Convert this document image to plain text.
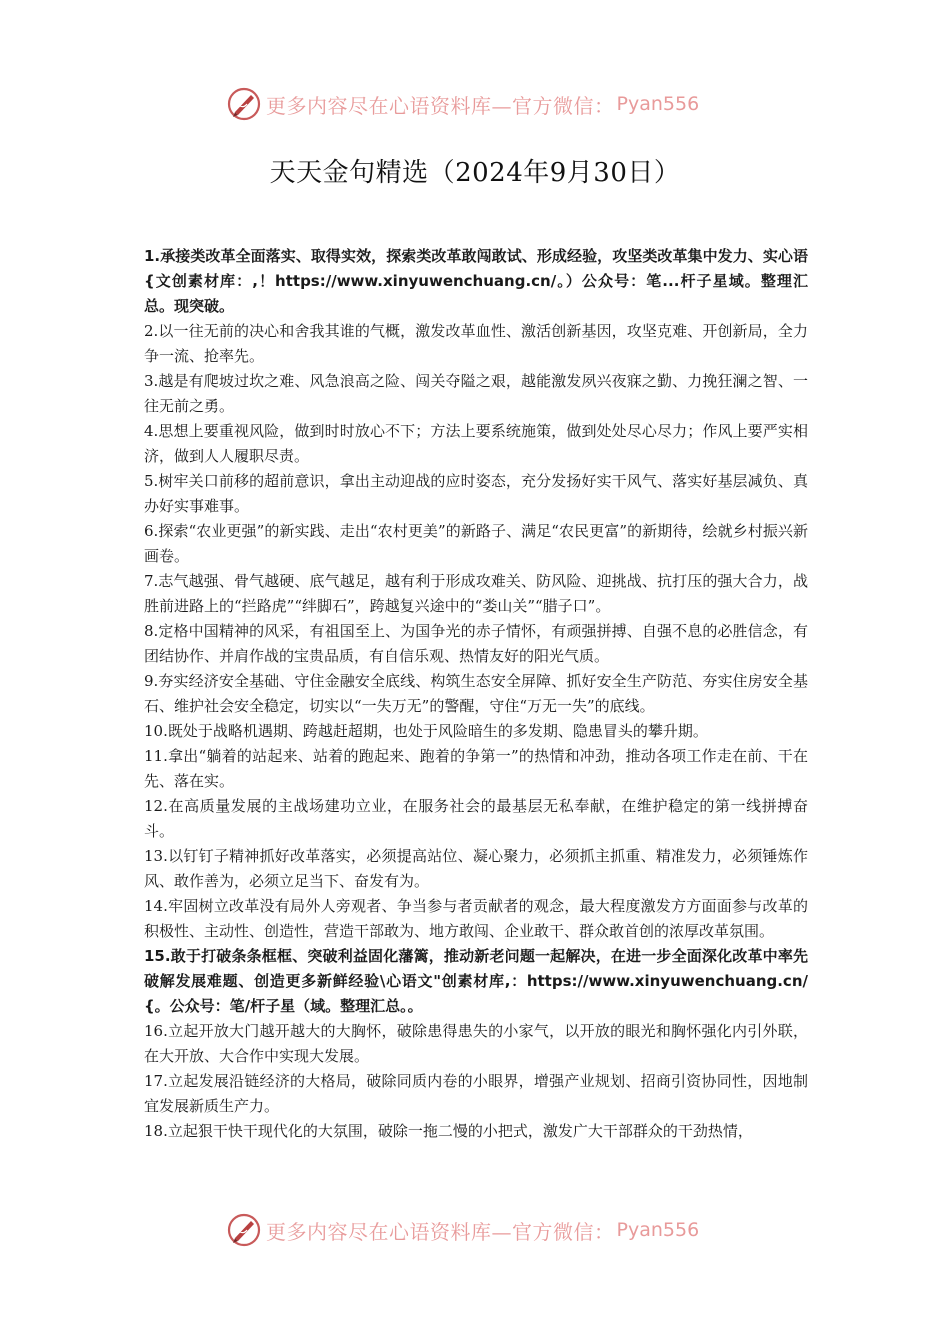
更多内容尽在心语资料库—官方微信： Pyan556
天天金句精选（2024年9月30日）

1.承接类改革全面落实、取得实效，探索类改革敢闯敢试、形成经验，攻坚类改革集中发力、实心语{文创素材库：,！https://www.xinyuwenchuang.cn/。）公众号：笔...杆子星域。整理汇总。现突破。

2.以一往无前的决心和舍我其谁的气概，激发改革血性、激活创新基因，攻坚克难、开创新局，全力争一流、抢率先。

3.越是有爬坡过坎之难、风急浪高之险、闯关夺隘之艰，越能激发夙兴夜寐之勤、力挽狂澜之智、一往无前之勇。

4.思想上要重视风险，做到时时放心不下；方法上要系统施策，做到处处尽心尽力；作风上要严实相济，做到人人履职尽责。

5.树牢关口前移的超前意识，拿出主动迎战的应时姿态，充分发扬好实干风气、落实好基层减负、真办好实事难事。

6.探索“农业更强”的新实践、走出“农村更美”的新路子、满足“农民更富”的新期待，绘就乡村振兴新画卷。

7.志气越强、骨气越硬、底气越足，越有利于形成攻难关、防风险、迎挑战、抗打压的强大合力，战胜前进路上的“拦路虎”“绊脚石”，跨越复兴途中的“娄山关”“腊子口”。

8.定格中国精神的风采，有祖国至上、为国争光的赤子情怀，有顽强拼搏、自强不息的必胜信念，有团结协作、并肩作战的宝贵品质，有自信乐观、热情友好的阳光气质。

9.夯实经济安全基础、守住金融安全底线、构筑生态安全屏障、抓好安全生产防范、夯实住房安全基石、维护社会安全稳定，切实以“一失万无”的警醒，守住“万无一失”的底线。

10.既处于战略机遇期、跨越赶超期，也处于风险暗生的多发期、隐患冒头的攀升期。

11.拿出“躺着的站起来、站着的跑起来、跑着的争第一”的热情和冲劲，推动各项工作走在前、干在先、落在实。

12.在高质量发展的主战场建功立业，在服务社会的最基层无私奉献，在维护稳定的第一线拼搏奋斗。

13.以钉钉子精神抓好改革落实，必须提高站位、凝心聚力，必须抓主抓重、精准发力，必须锤炼作风、敢作善为，必须立足当下、奋发有为。

14.牢固树立改革没有局外人旁观者、争当参与者贡献者的观念，最大程度激发方方面面参与改革的积极性、主动性、创造性，营造干部敢为、地方敢闯、企业敢干、群众敢首创的浓厚改革氛围。

15.敢于打破条条框框、突破利益固化藩篱，推动新老问题一起解决，在进一步全面深化改革中率先破解发展难题、创造更多新鲜经验\心语文"创素材库,：https://www.xinyuwenchuang.cn/{。公众号：笔/杆子星（域。整理汇总。。

16.立起开放大门越开越大的大胸怀，破除患得患失的小家气，以开放的眼光和胸怀强化内引外联，在大开放、大合作中实现大发展。

17.立起发展沿链经济的大格局，破除同质内卷的小眼界，增强产业规划、招商引资协同性，因地制宜发展新质生产力。

18.立起狠干快干现代化的大氛围，破除一拖二慢的小把式，激发广大干部群众的干劲热情，

更多内容尽在心语资料库—官方微信： Pyan556
